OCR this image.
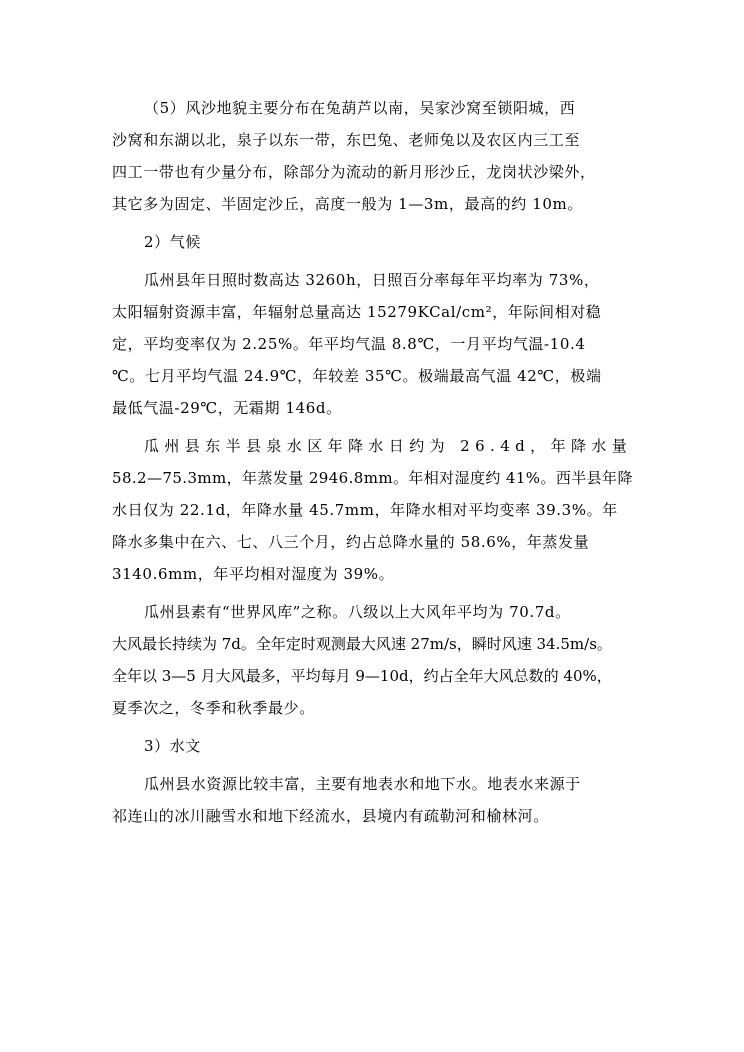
（5）风沙地貌主要分布在兔葫芦以南，吴家沙窝至锁阳城，西
沙窝和东湖以北，泉子以东一带，东巴兔、老师兔以及农区内三工至
四工一带也有少量分布，除部分为流动的新月形沙丘，龙岗状沙梁外，
其它多为固定、半固定沙丘，高度一般为 1—3m，最高的约 10m。
2）气候
瓜州县年日照时数高达 3260h，日照百分率每年平均率为 73%，
太阳辐射资源丰富，年辐射总量高达 15279KCal/cm²，年际间相对稳
定，平均变率仅为 2.25%。年平均气温 8.8℃，一月平均气温-10.4
℃。七月平均气温 24.9℃，年较差 35℃。极端最高气温 42℃，极端
最低气温-29℃，无霜期 146d。
瓜州县东半县泉水区年降水日约为 26.4d，年降水量
58.2—75.3mm，年蒸发量 2946.8mm。年相对湿度约 41%。西半县年降
水日仅为 22.1d，年降水量 45.7mm，年降水相对平均变率 39.3%。年
降水多集中在六、七、八三个月，约占总降水量的 58.6%，年蒸发量
3140.6mm，年平均相对湿度为 39%。
瓜州县素有“世界风库”之称。八级以上大风年平均为 70.7d。
大风最长持续为 7d。全年定时观测最大风速 27m/s，瞬时风速 34.5m/s。
全年以 3—5 月大风最多，平均每月 9—10d，约占全年大风总数的 40%，
夏季次之，冬季和秋季最少。
3）水文
瓜州县水资源比较丰富，主要有地表水和地下水。地表水来源于
祁连山的冰川融雪水和地下经流水，县境内有疏勒河和榆林河。
